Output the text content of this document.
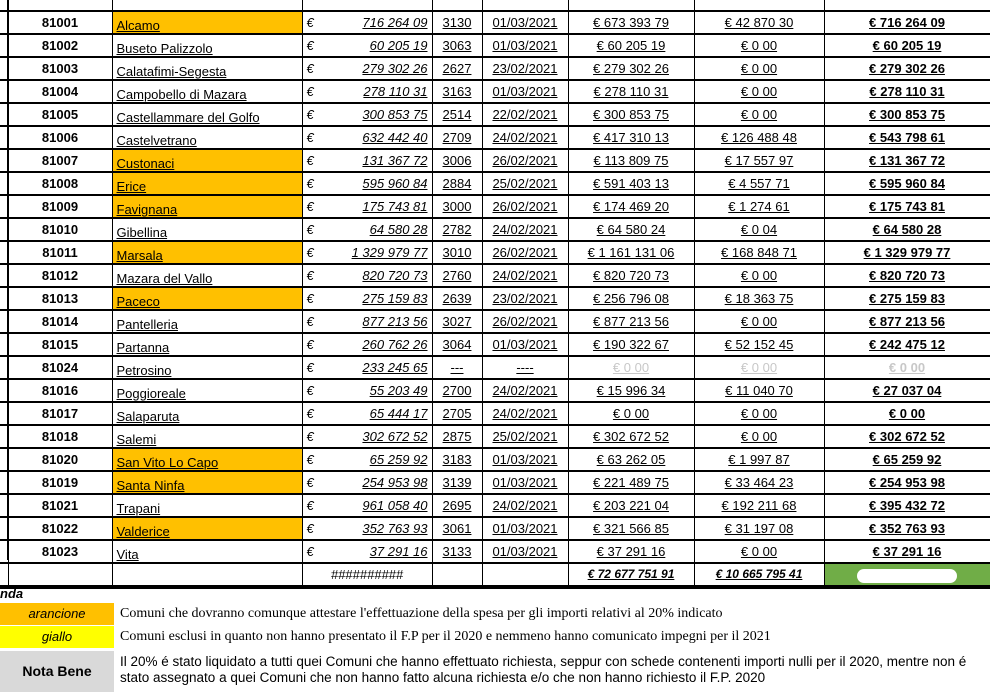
	81001	Alcamo	€ 716 264 09	3130	01/03/2021	€ 673 393 79	€ 42 870 30	€ 716 264 09
	81002	Buseto Palizzolo	€ 60 205 19	3063	01/03/2021	€ 60 205 19	€ 0 00	€ 60 205 19
	81003	Calatafimi-Segesta	€ 279 302 26	2627	23/02/2021	€ 279 302 26	€ 0 00	€ 279 302 26
	81004	Campobello di Mazara	€ 278 110 31	3163	01/03/2021	€ 278 110 31	€ 0 00	€ 278 110 31
	81005	Castellammare del Golfo	€ 300 853 75	2514	22/02/2021	€ 300 853 75	€ 0 00	€ 300 853 75
	81006	Castelvetrano	€ 632 442 40	2709	24/02/2021	€ 417 310 13	€ 126 488 48	€ 543 798 61
	81007	Custonaci	€ 131 367 72	3006	26/02/2021	€ 113 809 75	€ 17 557 97	€ 131 367 72
	81008	Erice	€ 595 960 84	2884	25/02/2021	€ 591 403 13	€ 4 557 71	€ 595 960 84
	81009	Favignana	€ 175 743 81	3000	26/02/2021	€ 174 469 20	€ 1 274 61	€ 175 743 81
	81010	Gibellina	€ 64 580 28	2782	24/02/2021	€ 64 580 24	€ 0 04	€ 64 580 28
	81011	Marsala	€ 1 329 979 77	3010	26/02/2021	€ 1 161 131 06	€ 168 848 71	€ 1 329 979 77
	81012	Mazara del Vallo	€ 820 720 73	2760	24/02/2021	€ 820 720 73	€ 0 00	€ 820 720 73
	81013	Paceco	€ 275 159 83	2639	23/02/2021	€ 256 796 08	€ 18 363 75	€ 275 159 83
	81014	Pantelleria	€ 877 213 56	3027	26/02/2021	€ 877 213 56	€ 0 00	€ 877 213 56
	81015	Partanna	€ 260 762 26	3064	01/03/2021	€ 190 322 67	€ 52 152 45	€ 242 475 12
	81024	Petrosino	€ 233 245 65	---	----	€ 0 00	€ 0 00	€ 0 00
	81016	Poggioreale	€ 55 203 49	2700	24/02/2021	€ 15 996 34	€ 11 040 70	€ 27 037 04
	81017	Salaparuta	€ 65 444 17	2705	24/02/2021	€ 0 00	€ 0 00	€ 0 00
	81018	Salemi	€ 302 672 52	2875	25/02/2021	€ 302 672 52	€ 0 00	€ 302 672 52
	81020	San Vito Lo Capo	€ 65 259 92	3183	01/03/2021	€ 63 262 05	€ 1 997 87	€ 65 259 92
	81019	Santa Ninfa	€ 254 953 98	3139	01/03/2021	€ 221 489 75	€ 33 464 23	€ 254 953 98
	81021	Trapani	€ 961 058 40	2695	24/02/2021	€ 203 221 04	€ 192 211 68	€ 395 432 72
	81022	Valderice	€ 352 763 93	3061	01/03/2021	€ 321 566 85	€ 31 197 08	€ 352 763 93
	81023	Vita	€ 37 291 16	3133	01/03/2021	€ 37 291 16	€ 0 00	€ 37 291 16
			##########			€ 72 677 751 91	€ 10 665 795 41	
nda
arancione	Comuni che dovranno comunque attestare l'effettuazione della spesa per gli importi relativi al 20% indicato
giallo	Comuni esclusi in quanto non hanno presentato il F.P per il 2020 e nemmeno hanno comunicato impegni per il 2021
Nota Bene
Il 20% é stato liquidato a tutti quei Comuni che hanno effettuato richiesta, seppur con schede contenenti importi nulli per il 2020, mentre non é stato assegnato a quei Comuni che non hanno fatto alcuna richiesta e/o che non hanno richiesto il F.P. 2020
